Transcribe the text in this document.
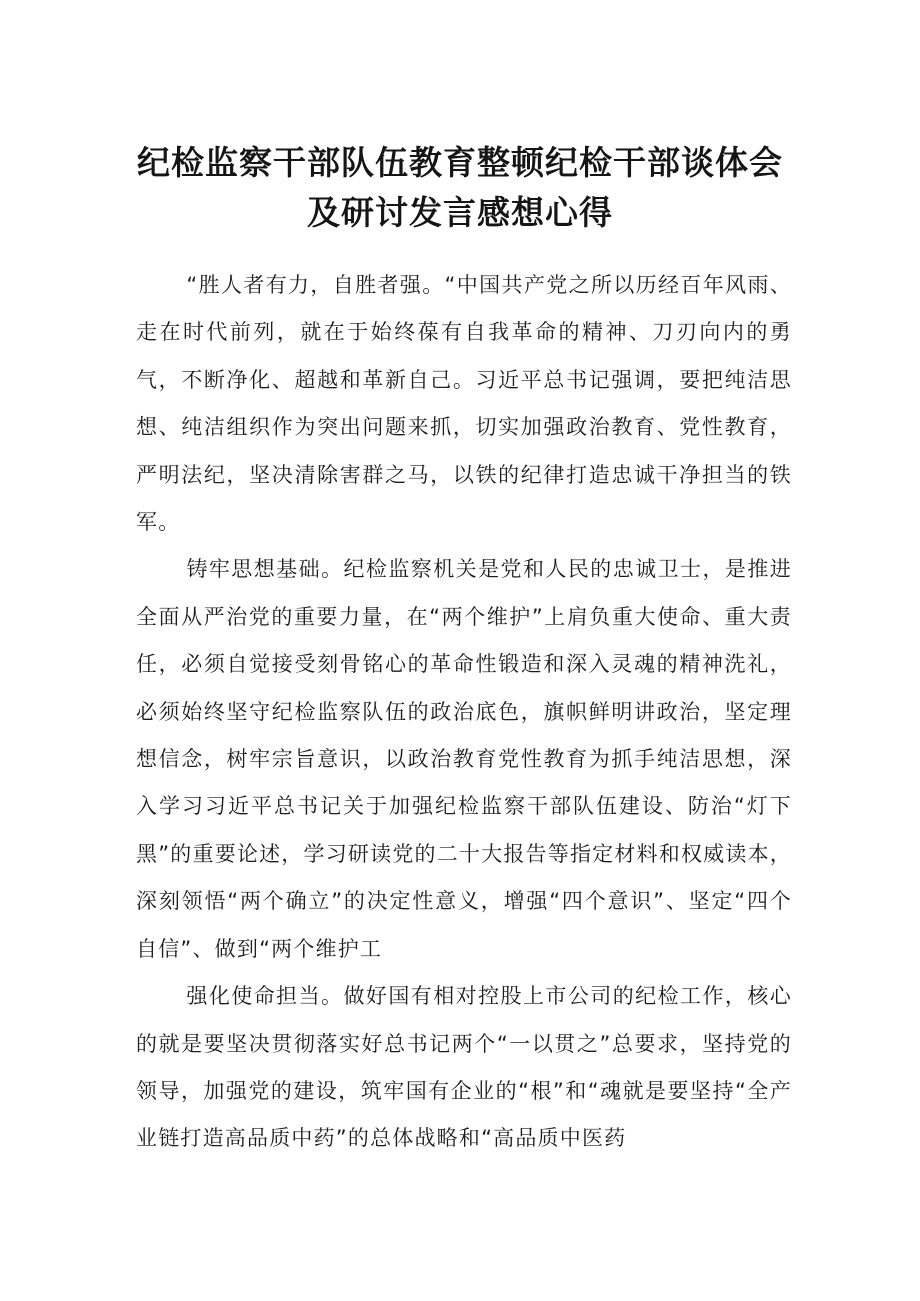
纪检监察干部队伍教育整顿纪检干部谈体会
及研讨发言感想心得

“胜人者有力，自胜者强。“中国共产党之所以历经百年风雨、走在时代前列，就在于始终葆有自我革命的精神、刀刃向内的勇气，不断净化、超越和革新自己。习近平总书记强调，要把纯洁思想、纯洁组织作为突出问题来抓，切实加强政治教育、党性教育，严明法纪，坚决清除害群之马，以铁的纪律打造忠诚干净担当的铁军。

铸牢思想基础。纪检监察机关是党和人民的忠诚卫士，是推进全面从严治党的重要力量，在“两个维护”上肩负重大使命、重大责任，必须自觉接受刻骨铭心的革命性锻造和深入灵魂的精神洗礼，必须始终坚守纪检监察队伍的政治底色，旗帜鲜明讲政治，坚定理想信念，树牢宗旨意识，以政治教育党性教育为抓手纯洁思想，深入学习习近平总书记关于加强纪检监察干部队伍建设、防治“灯下黑”的重要论述，学习研读党的二十大报告等指定材料和权威读本，深刻领悟“两个确立”的决定性意义，增强“四个意识”、坚定“四个自信”、做到“两个维护工

强化使命担当。做好国有相对控股上市公司的纪检工作，核心的就是要坚决贯彻落实好总书记两个“一以贯之”总要求，坚持党的领导，加强党的建设，筑牢国有企业的“根”和“魂就是要坚持“全产业链打造高品质中药”的总体战略和“高品质中医药
